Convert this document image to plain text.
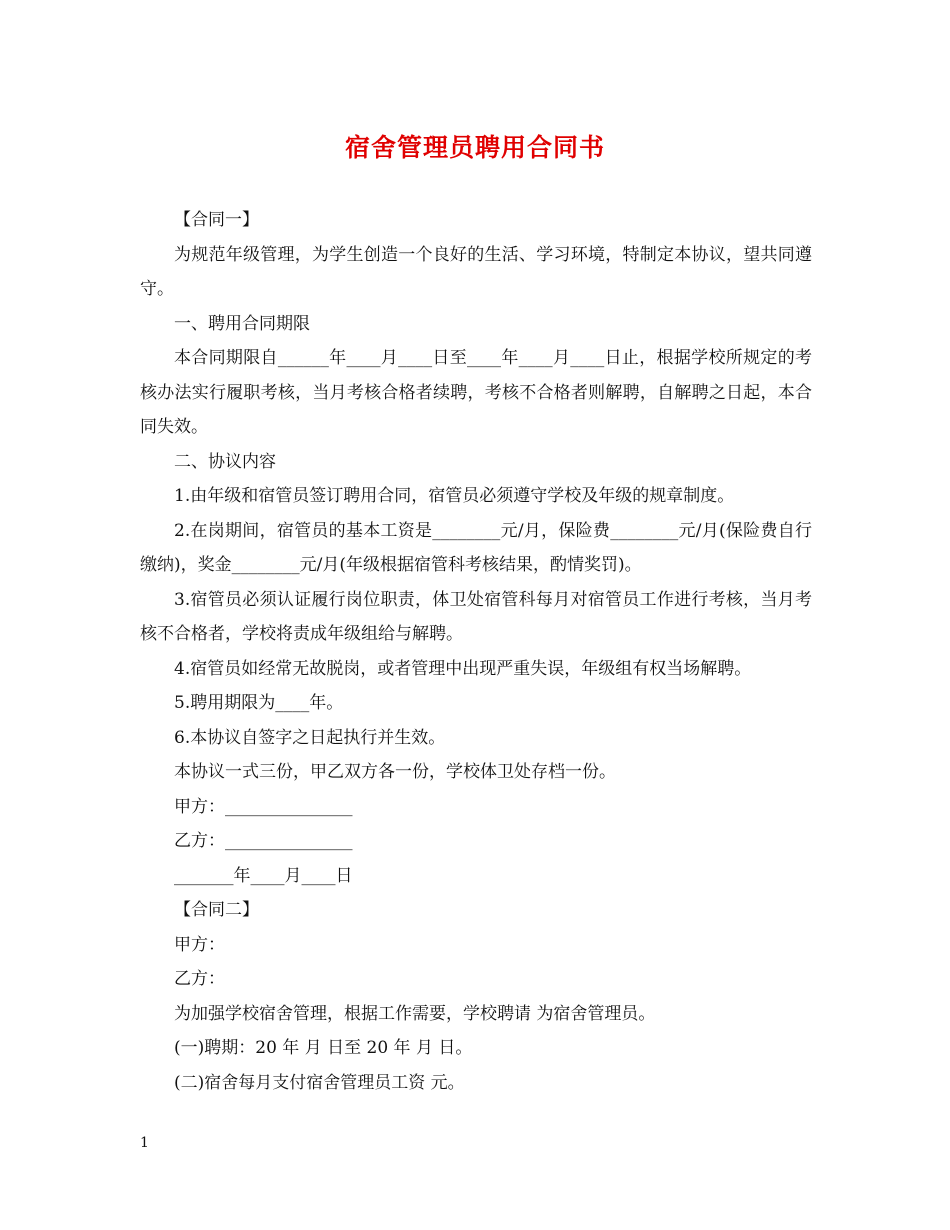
宿舍管理员聘用合同书

【合同一】

为规范年级管理，为学生创造一个良好的生活、学习环境，特制定本协议，望共同遵守。

一、聘用合同期限

本合同期限自______年____月____日至____年____月____日止，根据学校所规定的考核办法实行履职考核，当月考核合格者续聘，考核不合格者则解聘，自解聘之日起，本合同失效。

二、协议内容

1.由年级和宿管员签订聘用合同，宿管员必须遵守学校及年级的规章制度。

2.在岗期间，宿管员的基本工资是________元/月，保险费________元/月(保险费自行缴纳)，奖金________元/月(年级根据宿管科考核结果，酌情奖罚)。

3.宿管员必须认证履行岗位职责，体卫处宿管科每月对宿管员工作进行考核，当月考核不合格者，学校将责成年级组给与解聘。

4.宿管员如经常无故脱岗，或者管理中出现严重失误，年级组有权当场解聘。

5.聘用期限为____年。

6.本协议自签字之日起执行并生效。

本协议一式三份，甲乙双方各一份，学校体卫处存档一份。

甲方：_______________

乙方：_______________

_______年____月____日

【合同二】

甲方：

乙方：

为加强学校宿舍管理，根据工作需要，学校聘请 为宿舍管理员。

(一)聘期：20 年 月 日至 20 年 月 日。

(二)宿舍每月支付宿舍管理员工资 元。

1
